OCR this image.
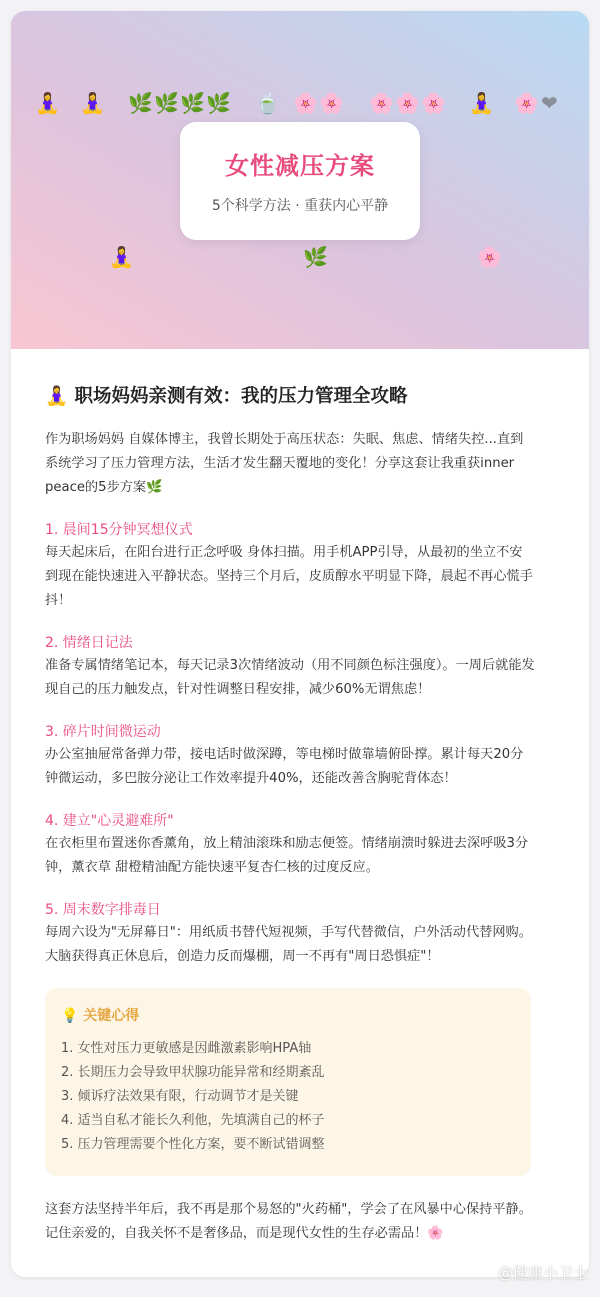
🧘‍♀ 🧘‍♀ 🌿 🌿 🌿 🌿 🍵 🌸 🌸 🌸 🌸 🌸 🧘‍♀ 🌸 ❤
女性减压方案
5个科学方法 · 重获内心平静
🧘‍♀	🌿	🌸
🧘‍♀ 职场妈妈亲测有效：我的压力管理全攻略
作为职场妈妈 自媒体博主，我曾长期处于高压状态：失眠、焦虑、情绪失控...直到系统学习了压力管理方法，生活才发生翻天覆地的变化！分享这套让我重获inner peace的5步方案🌿
1. 晨间15分钟冥想仪式
每天起床后，在阳台进行正念呼吸 身体扫描。用手机APP引导，从最初的坐立不安到现在能快速进入平静状态。坚持三个月后，皮质醇水平明显下降，晨起不再心慌手抖！
2. 情绪日记法
准备专属情绪笔记本，每天记录3次情绪波动（用不同颜色标注强度）。一周后就能发现自己的压力触发点，针对性调整日程安排，减少60%无谓焦虑！
3. 碎片时间微运动
办公室抽屉常备弹力带，接电话时做深蹲，等电梯时做靠墙俯卧撑。累计每天20分钟微运动，多巴胺分泌让工作效率提升40%，还能改善含胸驼背体态！
4. 建立"心灵避难所"
在衣柜里布置迷你香薰角，放上精油滚珠和励志便签。情绪崩溃时躲进去深呼吸3分钟，薰衣草 甜橙精油配方能快速平复杏仁核的过度反应。
5. 周末数字排毒日
每周六设为"无屏幕日"：用纸质书替代短视频，手写代替微信，户外活动代替网购。大脑获得真正休息后，创造力反而爆棚，周一不再有"周日恐惧症"！
💡 关键心得
1. 女性对压力更敏感是因雌激素影响HPA轴
2. 长期压力会导致甲状腺功能异常和经期紊乱
3. 倾诉疗法效果有限，行动调节才是关键
4. 适当自私才能长久利他，先填满自己的杯子
5. 压力管理需要个性化方案，要不断试错调整
这套方法坚持半年后，我不再是那个易怒的"火药桶"，学会了在风暴中心保持平静。记住亲爱的，自我关怀不是奢侈品，而是现代女性的生存必需品！🌸
@健康小卫士
